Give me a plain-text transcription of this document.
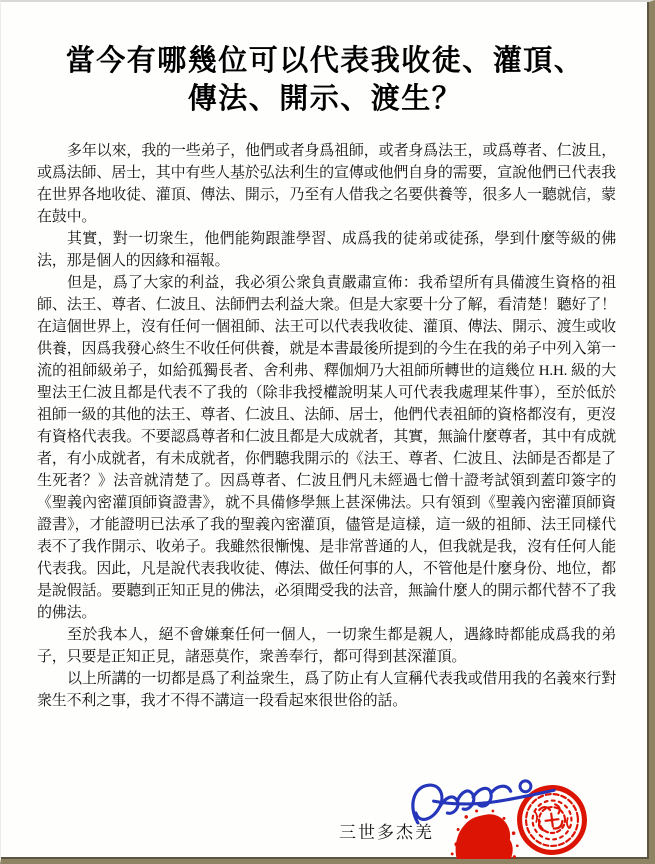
當今有哪幾位可以代表我收徒、灌頂、
傳法、開示、渡生？

多年以來，我的一些弟子，他們或者身爲祖師，或者身爲法王，或爲尊者、仁波且，或爲法師、居士，其中有些人基於弘法利生的宣傳或他們自身的需要，宣說他們已代表我在世界各地收徒、灌頂、傳法、開示，乃至有人借我之名要供養等，很多人一聽就信，蒙在鼓中。

其實，對一切衆生，他們能夠跟誰學習、成爲我的徒弟或徒孫，學到什麼等級的佛法，那是個人的因緣和福報。

但是，爲了大家的利益，我必須公衆負責嚴肅宣佈：我希望所有具備渡生資格的祖師、法王、尊者、仁波且、法師們去利益大衆。但是大家要十分了解，看清楚！聽好了！在這個世界上，沒有任何一個祖師、法王可以代表我收徒、灌頂、傳法、開示、渡生或收供養，因爲我發心終生不收任何供養，就是本書最後所提到的今生在我的弟子中列入第一流的祖師級弟子，如給孤獨長者、舍利弗、釋伽炯乃大祖師所轉世的這幾位 H.H. 級的大聖法王仁波且都是代表不了我的（除非我授權說明某人可代表我處理某件事），至於低於祖師一級的其他的法王、尊者、仁波且、法師、居士，他們代表祖師的資格都沒有，更沒有資格代表我。不要認爲尊者和仁波且都是大成就者，其實，無論什麼尊者，其中有成就者，有小成就者，有未成就者，你們聽我開示的《法王、尊者、仁波且、法師是否都是了生死者？》法音就清楚了。因爲尊者、仁波且們凡未經過七僧十證考試領到蓋印簽字的《聖義內密灌頂師資證書》，就不具備修學無上甚深佛法。只有領到《聖義內密灌頂師資證書》，才能證明已法承了我的聖義內密灌頂，儘管是這樣，這一級的祖師、法王同樣代表不了我作開示、收弟子。我雖然很慚愧、是非常普通的人，但我就是我，沒有任何人能代表我。因此，凡是說代表我收徒、傳法、做任何事的人，不管他是什麼身份、地位，都是說假話。要聽到正知正見的佛法，必須聞受我的法音，無論什麼人的開示都代替不了我的佛法。

至於我本人，絕不會嫌棄任何一個人，一切衆生都是親人，遇緣時都能成爲我的弟子，只要是正知正見，諸惡莫作，衆善奉行，都可得到甚深灌頂。

以上所講的一切都是爲了利益衆生，爲了防止有人宣稱代表我或借用我的名義來行對衆生不利之事，我才不得不講這一段看起來很世俗的話。

三世多杰羌
